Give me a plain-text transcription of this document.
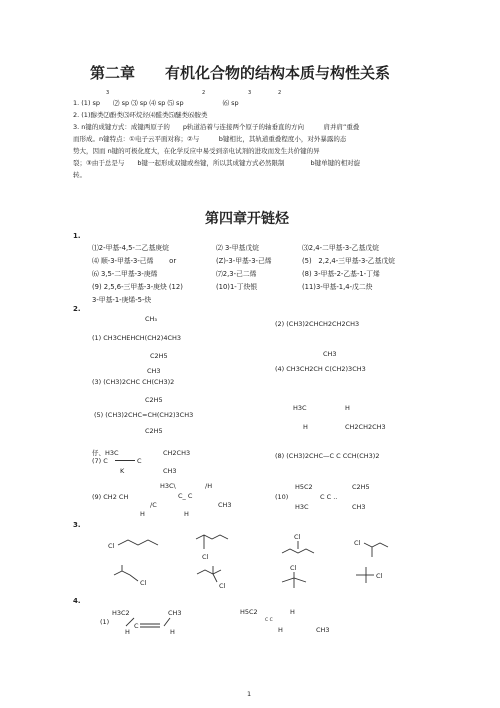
第二章　　有机化合物的结构本质与构性关系
3	2	3	2
1. (1) sp　　⑵ sp ⑶ sp ⑷ sp ⑸ sp　　　　　　⑹ sp
2. (1)醇类⑵酚类⑶环烷烃⑷醛类⑸醚类⑹胺类
3. n键的成键方式：成键两原子的　　p轨道沿着与连接两个原子的轴垂直的方向　　　肩并肩”重叠
而形成。n键特点：①电子云平面对称；②与　　　b键相比，其轨道重叠程度小，对外暴露的态
势大，因而 n键的可极化度大，在化学反应中易受到亲电试剂的进攻而发生共价键的异
裂；③由于总是与　　b键一起形成双键或叁键，所以其成键方式必然限制　　　　b键单键的相对旋
转。
第四章开链烃
1.
⑴2-甲基-4,5-二乙基庚烷	⑵ 3-甲基戊烷	⑶2,4-二甲基-3-乙基戊烷
⑷ 顺-3-甲基-3-己烯　　 or	(Z)-3-甲基-3-己烯	(5)　2,2,4-三甲基-3-乙基戊烷
⑹ 3,5-二甲基-3-庚烯	⑺2,3-己二烯	(8) 3-甲基-2-乙基-1-丁烯
(9) 2,5,6-三甲基-3-庚炔 (12)	(10)1-丁炔银	(11)3-甲基-1,4-戊二炔
3-甲基-1-庚烯-5-炔
2.
CH₃
(1) CH3CHEHCH(CH2)4CH3
(2) (CH3)2CHCH2CH2CH3
C2H5
CH3
(3) (CH3)2CHC CH(CH3)2
CH3
(4) CH3CH2CH C(CH2)3CH3
C2H5
(5) (CH3)2CHC=CH(CH2)3CH3
C2H5
H3C	H
H	CH2CH2CH3
仔、H3C	CH2CH3
(7) C	C
K	CH3
(8) (CH3)2CHC—C C CCH(CH3)2
H3C\	/H
(9) CH2 CH	C_ C
/C	CH3
H	H
H5C2	C2H5
(10)	C C ..
H3C	CH3
3.
Cl
Cl
Cl
Cl
Cl	Cl
Cl
Cl
4.
H3C2	CH3
(1)	C
H	H
H5C2	H
C C
H	CH3
1
